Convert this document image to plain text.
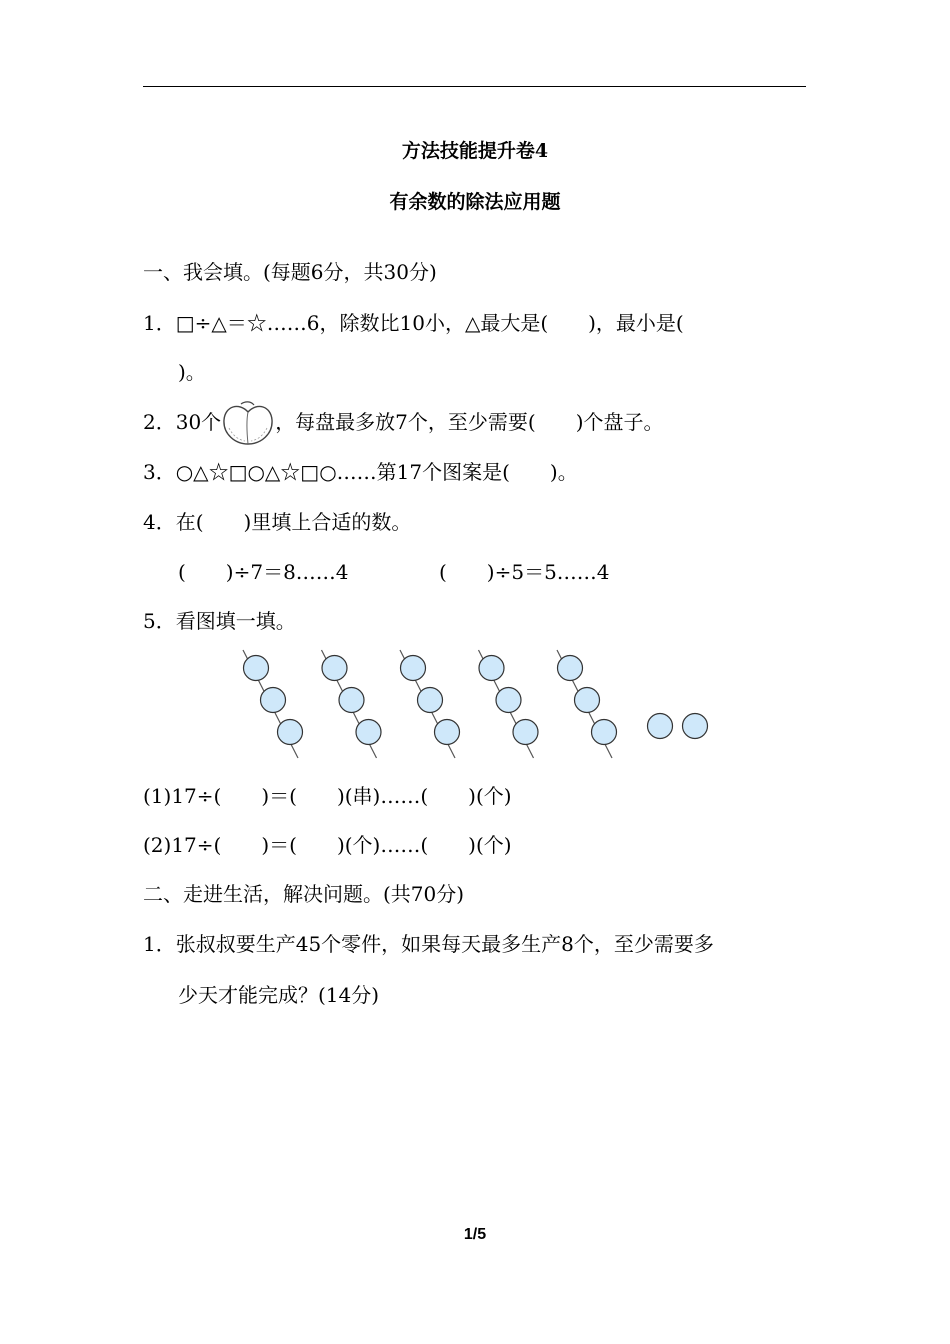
方法技能提升卷4
有余数的除法应用题
一、我会填。(每题6分，共30分)
1．□÷△＝☆……6，除数比10小，△最大是(　　)，最小是(
)。
2．30个	，每盘最多放7个，至少需要(　　)个盘子。
3．○△☆□○△☆□○……第17个图案是(　　)。
4．在(　　)里填上合适的数。
(　　)÷7＝8……4	(　　)÷5＝5……4
5．看图填一填。
(1)17÷(　　)＝(　　)(串)……(　　)(个)
(2)17÷(　　)＝(　　)(个)……(　　)(个)
二、走进生活，解决问题。(共70分)
1．张叔叔要生产45个零件，如果每天最多生产8个，至少需要多
少天才能完成？(14分)
1/5
